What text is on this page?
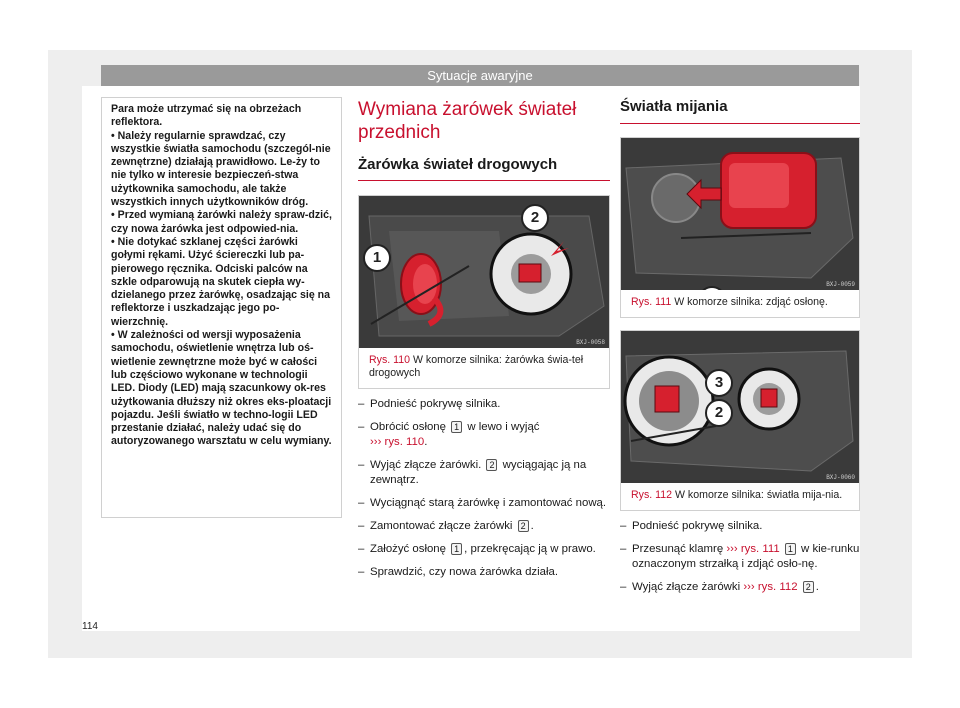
Sytuacje awaryjne

Para może utrzymać się na obrzeżach reflektora.

• Należy regularnie sprawdzać, czy wszystkie światła samochodu (szczegól-nie zewnętrzne) działają prawidłowo. Le-ży to nie tylko w interesie bezpieczeń-stwa użytkownika samochodu, ale także wszystkich innych użytkowników dróg.
• Przed wymianą żarówki należy spraw-dzić, czy nowa żarówka jest odpowied-nia.
• Nie dotykać szklanej części żarówki gołymi rękami. Użyć ściereczki lub pa-pierowego ręcznika. Odciski palców na szkle odparowują na skutek ciepła wy-dzielanego przez żarówkę, osadzając się na reflektorze i uszkadzając jego po-wierzchnię.
• W zależności od wersji wyposażenia samochodu, oświetlenie wnętrza lub oś-wietlenie zewnętrzne może być w całości lub częściowo wykonane w technologii LED. Diody (LED) mają szacunkowy ok-res użytkowania dłuższy niż okres eks-ploatacji pojazdu. Jeśli światło w techno-logii LED przestanie działać, należy udać się do autoryzowanego warsztatu w celu wymiany.
Wymiana żarówek świateł przednich
Żarówka świateł drogowych
1
2
BXJ-0058
Rys. 110 W komorze silnika: żarówka świa-teł drogowych
– Podnieść pokrywę silnika.
– Obrócić osłonę 1 w lewo i wyjąć
››› rys. 110.
– Wyjąć złącze żarówki. 2 wyciągając ją na zewnątrz.
– Wyciągnąć starą żarówkę i zamontować nową.
– Zamontować złącze żarówki 2 .
– Założyć osłonę 1 , przekręcając ją w prawo.
– Sprawdzić, czy nowa żarówka działa.
Światła mijania
BXJ-0059
Rys. 111 W komorze silnika: zdjąć osłonę.
3
2
BXJ-0060
Rys. 112 W komorze silnika: światła mija-nia.
– Podnieść pokrywę silnika.
– Przesunąć klamrę ››› rys. 111 1 w kie-runku oznaczonym strzałką i zdjąć osło-nę.
– Wyjąć złącze żarówki ››› rys. 112 2 .
114
